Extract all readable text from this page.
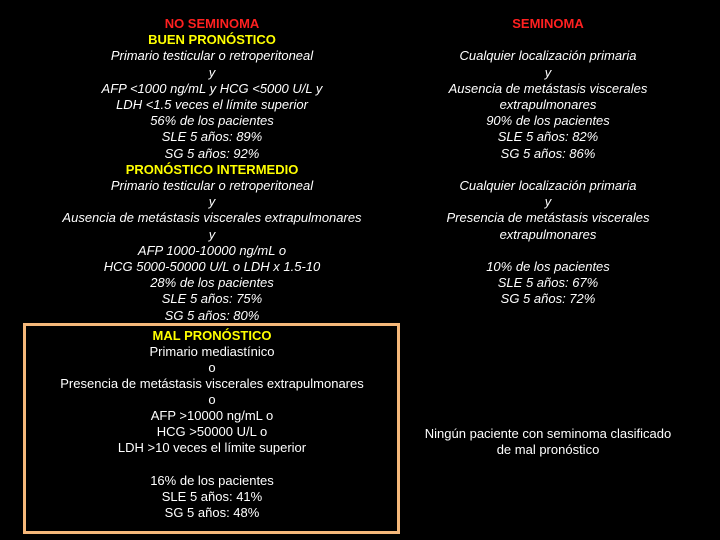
NO SEMINOMA
BUEN PRONÓSTICO
Primario testicular o retroperitoneal
y
AFP <1000 ng/mL y HCG <5000 U/L y
LDH <1.5 veces el límite superior
56% de los pacientes
SLE 5 años: 89%
SG 5 años: 92%
PRONÓSTICO INTERMEDIO
Primario testicular o retroperitoneal
y
Ausencia de metástasis viscerales extrapulmonares
y
AFP 1000-10000 ng/mL o
HCG 5000-50000 U/L o LDH x 1.5-10
28% de los pacientes
SLE 5 años: 75%
SG 5 años: 80%
SEMINOMA
Cualquier localización primaria
y
Ausencia de metástasis viscerales
extrapulmonares
90% de los pacientes
SLE 5 años: 82%
SG 5 años: 86%
Cualquier localización primaria
y
Presencia de metástasis viscerales
extrapulmonares
10% de los pacientes
SLE 5 años: 67%
SG 5 años: 72%
MAL PRONÓSTICO
Primario mediastínico
o
Presencia de metástasis viscerales extrapulmonares
o
AFP >10000 ng/mL o
HCG >50000 U/L o
LDH >10 veces el límite superior
16% de los pacientes
SLE 5 años: 41%
SG 5 años: 48%
Ningún paciente con seminoma clasificado
de mal pronóstico
